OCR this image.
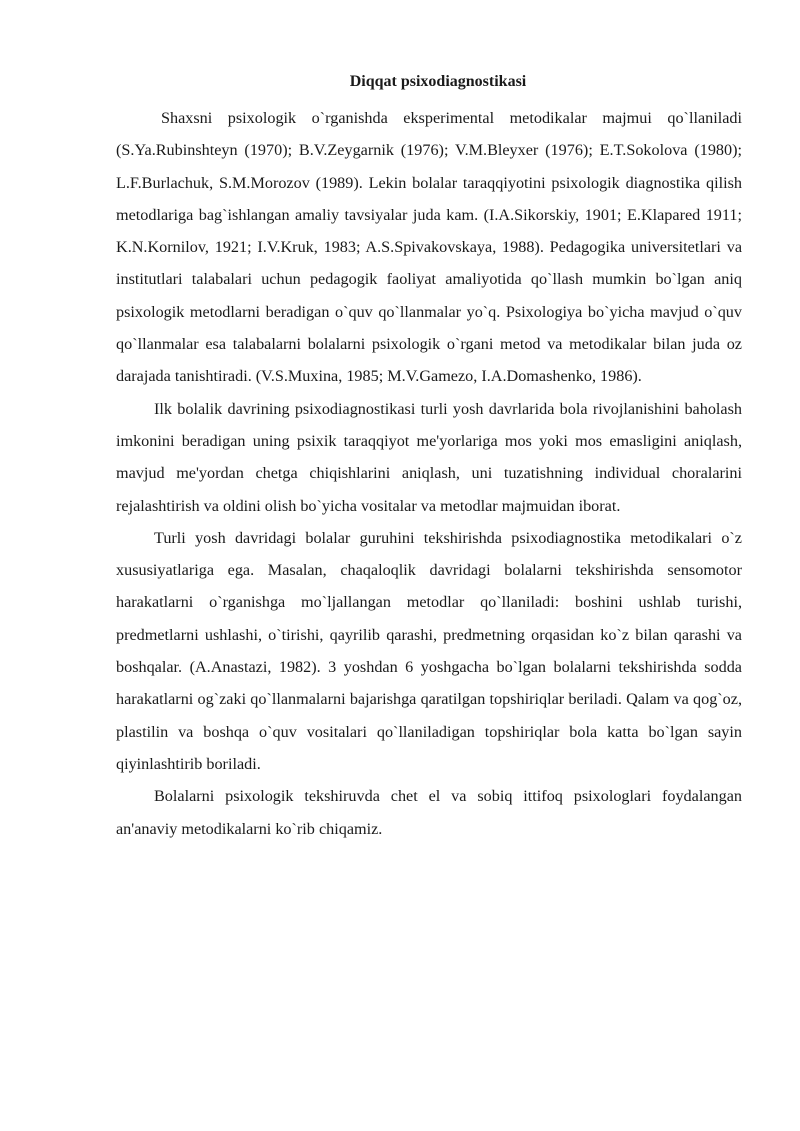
Diqqat psixodiagnostikasi

Shaxsni psixologik o`rganishda eksperimental metodikalar majmui qo`llaniladi (S.Ya.Rubinshteyn (1970); B.V.Zeygarnik (1976); V.M.Bleyxer (1976); E.T.Sokolova (1980); L.F.Burlachuk, S.M.Morozov (1989). Lekin bolalar taraqqiyotini psixologik diagnostika qilish metodlariga bag`ishlangan amaliy tavsiyalar juda kam. (I.A.Sikorskiy, 1901; E.Klapared 1911; K.N.Kornilov, 1921; I.V.Kruk, 1983; A.S.Spivakovskaya, 1988). Pedagogika universitetlari va institutlari talabalari uchun pedagogik faoliyat amaliyotida qo`llash mumkin bo`lgan aniq psixologik metodlarni beradigan o`quv qo`llanmalar yo`q. Psixologiya bo`yicha mavjud o`quv qo`llanmalar esa talabalarni bolalarni psixologik o`rgani metod va metodikalar bilan juda oz darajada tanishtiradi. (V.S.Muxina, 1985; M.V.Gamezo, I.A.Domashenko, 1986).

Ilk bolalik davrining psixodiagnostikasi turli yosh davrlarida bola rivojlanishini baholash imkonini beradigan uning psixik taraqqiyot me'yorlariga mos yoki mos emasligini aniqlash, mavjud me'yordan chetga chiqishlarini aniqlash, uni tuzatishning individual choralarini rejalashtirish va oldini olish bo`yicha vositalar va metodlar majmuidan iborat.

Turli yosh davridagi bolalar guruhini tekshirishda psixodiagnostika metodikalari o`z xususiyatlariga ega. Masalan, chaqaloqlik davridagi bolalarni tekshirishda sensomotor harakatlarni o`rganishga mo`ljallangan metodlar qo`llaniladi: boshini ushlab turishi, predmetlarni ushlashi, o`tirishi, qayrilib qarashi, predmetning orqasidan ko`z bilan qarashi va boshqalar. (A.Anastazi, 1982). 3 yoshdan 6 yoshgacha bo`lgan bolalarni tekshirishda sodda harakatlarni og`zaki qo`llanmalarni bajarishga qaratilgan topshiriqlar beriladi. Qalam va qog`oz, plastilin va boshqa o`quv vositalari qo`llaniladigan topshiriqlar bola katta bo`lgan sayin qiyinlashtirib boriladi.

Bolalarni psixologik tekshiruvda chet el va sobiq ittifoq psixologlari foydalangan an'anaviy metodikalarni ko`rib chiqamiz.
